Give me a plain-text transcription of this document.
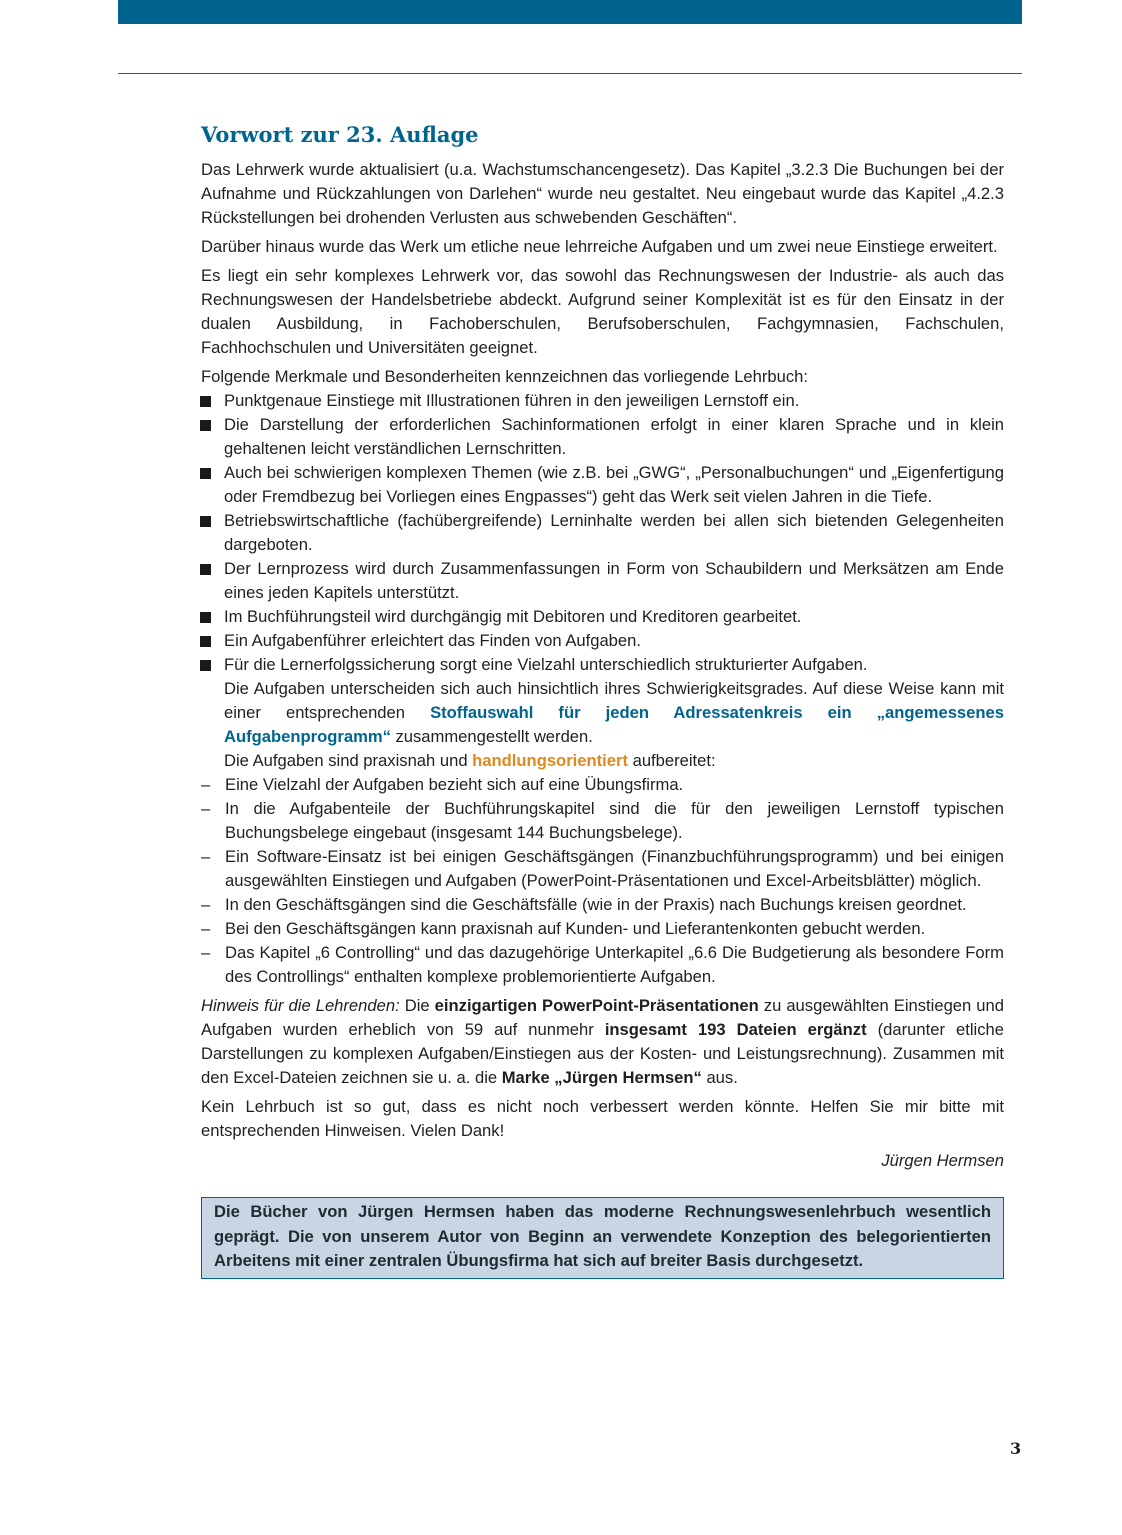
Vorwort zur 23. Auflage

Das Lehrwerk wurde aktualisiert (u.a. Wachstumschancengesetz). Das Kapitel „3.2.3 Die Buchungen bei der Aufnahme und Rückzahlungen von Darlehen“ wurde neu gestaltet. Neu eingebaut wurde das Kapitel „4.2.3 Rückstellungen bei drohenden Verlusten aus schwebenden Geschäften“.

Darüber hinaus wurde das Werk um etliche neue lehrreiche Aufgaben und um zwei neue Einstiege erweitert.

Es liegt ein sehr komplexes Lehrwerk vor, das sowohl das Rechnungswesen der Industrie- als auch das Rechnungswesen der Handelsbetriebe abdeckt. Aufgrund seiner Komplexität ist es für den Einsatz in der dualen Ausbildung, in Fachoberschulen, Berufsoberschulen, Fachgymnasien, Fachschulen, Fachhochschulen und Universitäten geeignet.

Folgende Merkmale und Besonderheiten kennzeichnen das vorliegende Lehrbuch:

Punktgenaue Einstiege mit Illustrationen führen in den jeweiligen Lernstoff ein.
Die Darstellung der erforderlichen Sachinformationen erfolgt in einer klaren Sprache und in klein gehaltenen leicht verständlichen Lernschritten.
Auch bei schwierigen komplexen Themen (wie z.B. bei „GWG“, „Personalbuchungen“ und „Eigenfertigung oder Fremdbezug bei Vorliegen eines Engpasses“) geht das Werk seit vielen Jahren in die Tiefe.
Betriebswirtschaftliche (fachübergreifende) Lerninhalte werden bei allen sich bietenden Gelegenheiten dargeboten.
Der Lernprozess wird durch Zusammenfassungen in Form von Schaubildern und Merksätzen am Ende eines jeden Kapitels unterstützt.
Im Buchführungsteil wird durchgängig mit Debitoren und Kreditoren gearbeitet.
Ein Aufgabenführer erleichtert das Finden von Aufgaben.
Für die Lernerfolgssicherung sorgt eine Vielzahl unterschiedlich strukturierter Aufgaben.
Die Aufgaben unterscheiden sich auch hinsichtlich ihres Schwierigkeitsgrades. Auf diese Weise kann mit einer entsprechenden Stoffauswahl für jeden Adressatenkreis ein „angemessenes Aufgabenprogramm“ zusammengestellt werden.
Die Aufgaben sind praxisnah und handlungsorientiert aufbereitet:
– Eine Vielzahl der Aufgaben bezieht sich auf eine Übungsfirma.
– In die Aufgabenteile der Buchführungskapitel sind die für den jeweiligen Lernstoff typischen Buchungsbelege eingebaut (insgesamt 144 Buchungsbelege).
– Ein Software-Einsatz ist bei einigen Geschäftsgängen (Finanzbuchführungsprogramm) und bei einigen ausgewählten Einstiegen und Aufgaben (PowerPoint-Präsentationen und Excel-Arbeitsblätter) möglich.
– In den Geschäftsgängen sind die Geschäftsfälle (wie in der Praxis) nach Buchungs kreisen geordnet.
– Bei den Geschäftsgängen kann praxisnah auf Kunden- und Lieferantenkonten gebucht werden.
– Das Kapitel „6 Controlling“ und das dazugehörige Unterkapitel „6.6 Die Budgetierung als besondere Form des Controllings“ enthalten komplexe problemorientierte Aufgaben.

Hinweis für die Lehrenden: Die einzigartigen PowerPoint-Präsentationen zu ausgewählten Einstiegen und Aufgaben wurden erheblich von 59 auf nunmehr insgesamt 193 Dateien ergänzt (darunter etliche Darstellungen zu komplexen Aufgaben/Einstiegen aus der Kosten- und Leistungsrechnung). Zusammen mit den Excel-Dateien zeichnen sie u. a. die Marke „Jürgen Hermsen“ aus.

Kein Lehrbuch ist so gut, dass es nicht noch verbessert werden könnte. Helfen Sie mir bitte mit entsprechenden Hinweisen. Vielen Dank!

Jürgen Hermsen
Die Bücher von Jürgen Hermsen haben das moderne Rechnungswesenlehrbuch wesentlich geprägt. Die von unserem Autor von Beginn an verwendete Konzeption des belegorientierten Arbeitens mit einer zentralen Übungsfirma hat sich auf breiter Basis durchgesetzt.
3
